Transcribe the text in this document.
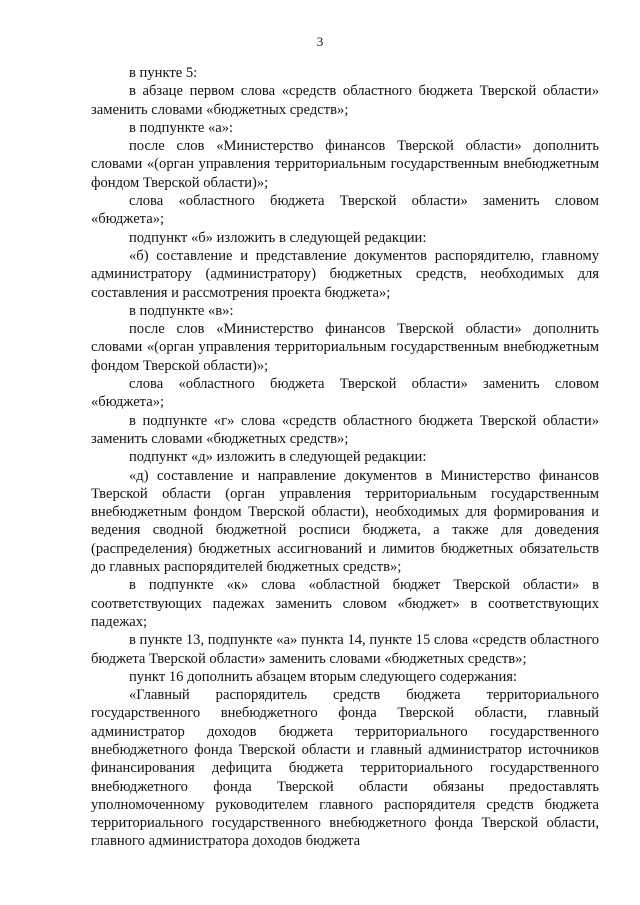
3

в пункте 5:

в абзаце первом слова «средств областного бюджета Тверской области» заменить словами «бюджетных средств»;

в подпункте «а»:

после слов «Министерство финансов Тверской области» дополнить словами «(орган управления территориальным государственным внебюджетным фондом Тверской области)»;

слова «областного бюджета Тверской области» заменить словом «бюджета»;

подпункт «б» изложить в следующей редакции:

«б) составление и представление документов распорядителю, главному администратору (администратору) бюджетных средств, необходимых для составления и рассмотрения проекта бюджета»;

в подпункте «в»:

после слов «Министерство финансов Тверской области» дополнить словами «(орган управления территориальным государственным внебюджетным фондом Тверской области)»;

слова «областного бюджета Тверской области» заменить словом «бюджета»;

в подпункте «г» слова «средств областного бюджета Тверской области» заменить словами «бюджетных средств»;

подпункт «д» изложить в следующей редакции:

«д) составление и направление документов в Министерство финансов Тверской области (орган управления территориальным государственным внебюджетным фондом Тверской области), необходимых для формирования и ведения сводной бюджетной росписи бюджета, а также для доведения (распределения) бюджетных ассигнований и лимитов бюджетных обязательств до главных распорядителей бюджетных средств»;

в подпункте «к» слова «областной бюджет Тверской области» в соответствующих падежах заменить словом «бюджет» в соответствующих падежах;

в пункте 13, подпункте «а» пункта 14, пункте 15 слова «средств областного бюджета Тверской области» заменить словами «бюджетных средств»;

пункт 16 дополнить абзацем вторым следующего содержания:

«Главный распорядитель средств бюджета территориального государственного внебюджетного фонда Тверской области, главный администратор доходов бюджета территориального государственного внебюджетного фонда Тверской области и главный администратор источников финансирования дефицита бюджета территориального государственного внебюджетного фонда Тверской области обязаны предоставлять уполномоченному руководителем главного распорядителя средств бюджета территориального государственного внебюджетного фонда Тверской области, главного администратора доходов бюджета
